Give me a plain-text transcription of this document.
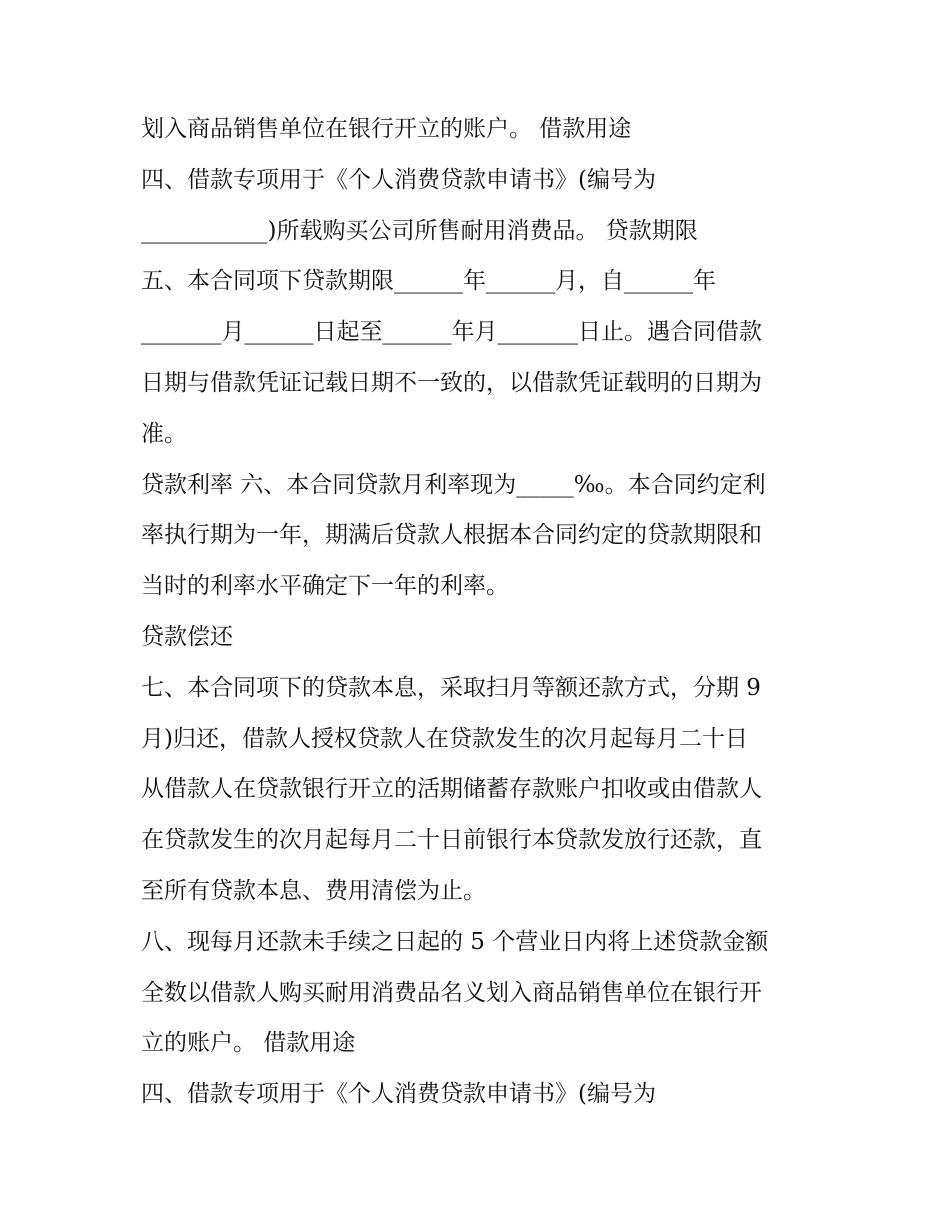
划入商品销售单位在银行开立的账户。 借款用途
四、借款专项用于《个人消费贷款申请书》(编号为
___________)所载购买公司所售耐用消费品。 贷款期限
五、本合同项下贷款期限______年______月，自______年
_______月______日起至______年月_______日止。遇合同借款
日期与借款凭证记载日期不一致的，以借款凭证载明的日期为
准。
贷款利率 六、本合同贷款月利率现为_____‰。本合同约定利
率执行期为一年，期满后贷款人根据本合同约定的贷款期限和
当时的利率水平确定下一年的利率。
贷款偿还
七、本合同项下的贷款本息，采取扫月等额还款方式，分期 9
月)归还，借款人授权贷款人在贷款发生的次月起每月二十日
从借款人在贷款银行开立的活期储蓄存款账户扣收或由借款人
在贷款发生的次月起每月二十日前银行本贷款发放行还款，直
至所有贷款本息、费用清偿为止。
八、现每月还款未手续之日起的 5 个营业日内将上述贷款金额
全数以借款人购买耐用消费品名义划入商品销售单位在银行开
立的账户。 借款用途
四、借款专项用于《个人消费贷款申请书》(编号为
